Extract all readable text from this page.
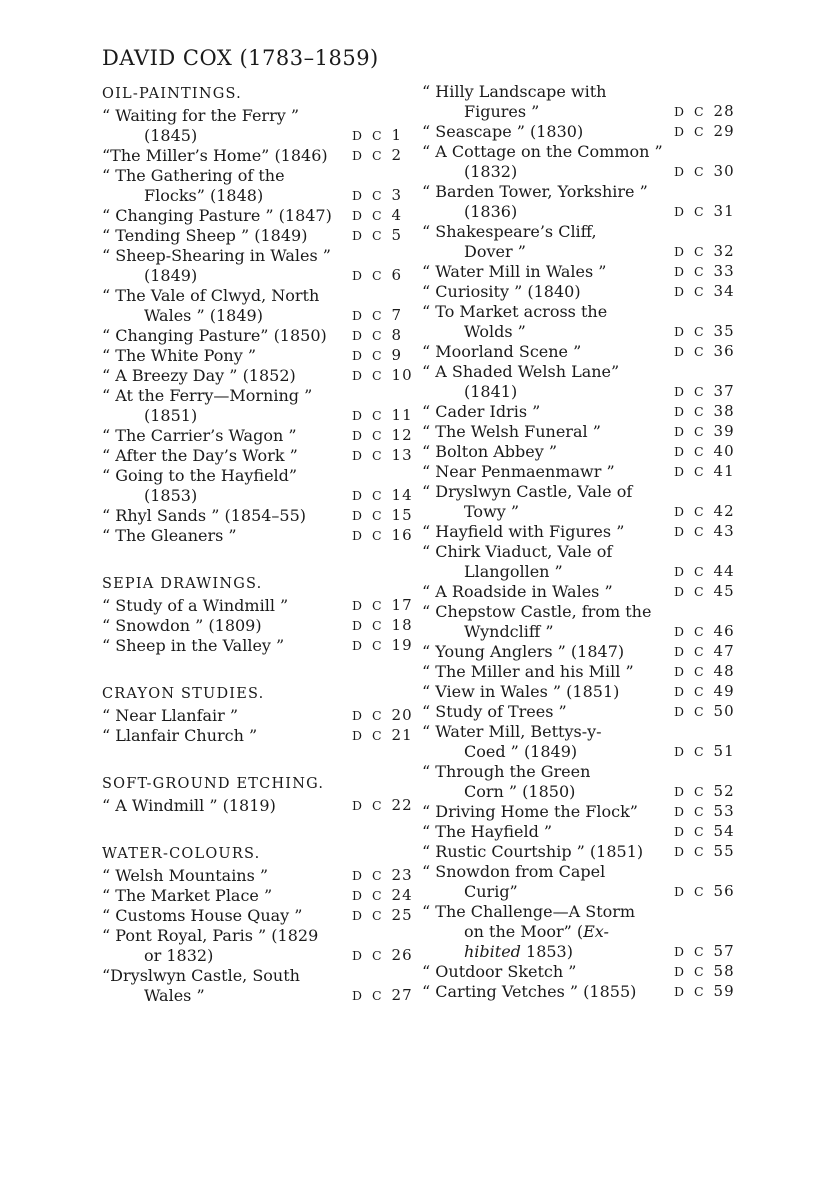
DAVID COX (1783–1859)
OIL-PAINTINGS.
“ Waiting for the Ferry ”
(1845)	D C 1
“The Miller’s Home” (1846)	D C 2
“ The Gathering of the
Flocks” (1848)	D C 3
“ Changing Pasture ” (1847)	D C 4
“ Tending Sheep ” (1849)	D C 5
“ Sheep-Shearing in Wales ”
(1849)	D C 6
“ The Vale of Clwyd, North
Wales ” (1849)	D C 7
“ Changing Pasture” (1850)	D C 8
“ The White Pony ”	D C 9
“ A Breezy Day ” (1852)	D C 10
“ At the Ferry—Morning ”
(1851)	D C 11
“ The Carrier’s Wagon ”	D C 12
“ After the Day’s Work ”	D C 13
“ Going to the Hayfield”
(1853)	D C 14
“ Rhyl Sands ” (1854–55)	D C 15
“ The Gleaners ”	D C 16
SEPIA DRAWINGS.
“ Study of a Windmill ”	D C 17
“ Snowdon ” (1809)	D C 18
“ Sheep in the Valley ”	D C 19
CRAYON STUDIES.
“ Near Llanfair ”	D C 20
“ Llanfair Church ”	D C 21
SOFT-GROUND ETCHING.
“ A Windmill ” (1819)	D C 22
WATER-COLOURS.
“ Welsh Mountains ”	D C 23
“ The Market Place ”	D C 24
“ Customs House Quay ”	D C 25
“ Pont Royal, Paris ” (1829
or 1832)	D C 26
“Dryslwyn Castle, South
Wales ”	D C 27
“ Hilly Landscape with
Figures ”	D C 28
“ Seascape ” (1830)	D C 29
“ A Cottage on the Common ”
(1832)	D C 30
“ Barden Tower, Yorkshire ”
(1836)	D C 31
“ Shakespeare’s Cliff,
Dover ”	D C 32
“ Water Mill in Wales ”	D C 33
“ Curiosity ” (1840)	D C 34
“ To Market across the
Wolds ”	D C 35
“ Moorland Scene ”	D C 36
“ A Shaded Welsh Lane”
(1841)	D C 37
“ Cader Idris ”	D C 38
“ The Welsh Funeral ”	D C 39
“ Bolton Abbey ”	D C 40
“ Near Penmaenmawr ”	D C 41
“ Dryslwyn Castle, Vale of
Towy ”	D C 42
“ Hayfield with Figures ”	D C 43
“ Chirk Viaduct, Vale of
Llangollen ”	D C 44
“ A Roadside in Wales ”	D C 45
“ Chepstow Castle, from the
Wyndcliff ”	D C 46
“ Young Anglers ” (1847)	D C 47
“ The Miller and his Mill ”	D C 48
“ View in Wales ” (1851)	D C 49
“ Study of Trees ”	D C 50
“ Water Mill, Bettys-y-
Coed ” (1849)	D C 51
“ Through the Green
Corn ” (1850)	D C 52
“ Driving Home the Flock”	D C 53
“ The Hayfield ”	D C 54
“ Rustic Courtship ” (1851)	D C 55
“ Snowdon from Capel
Curig”	D C 56
“ The Challenge—A Storm
on the Moor” (Ex-
hibited 1853)	D C 57
“ Outdoor Sketch ”	D C 58
“ Carting Vetches ” (1855)	D C 59
